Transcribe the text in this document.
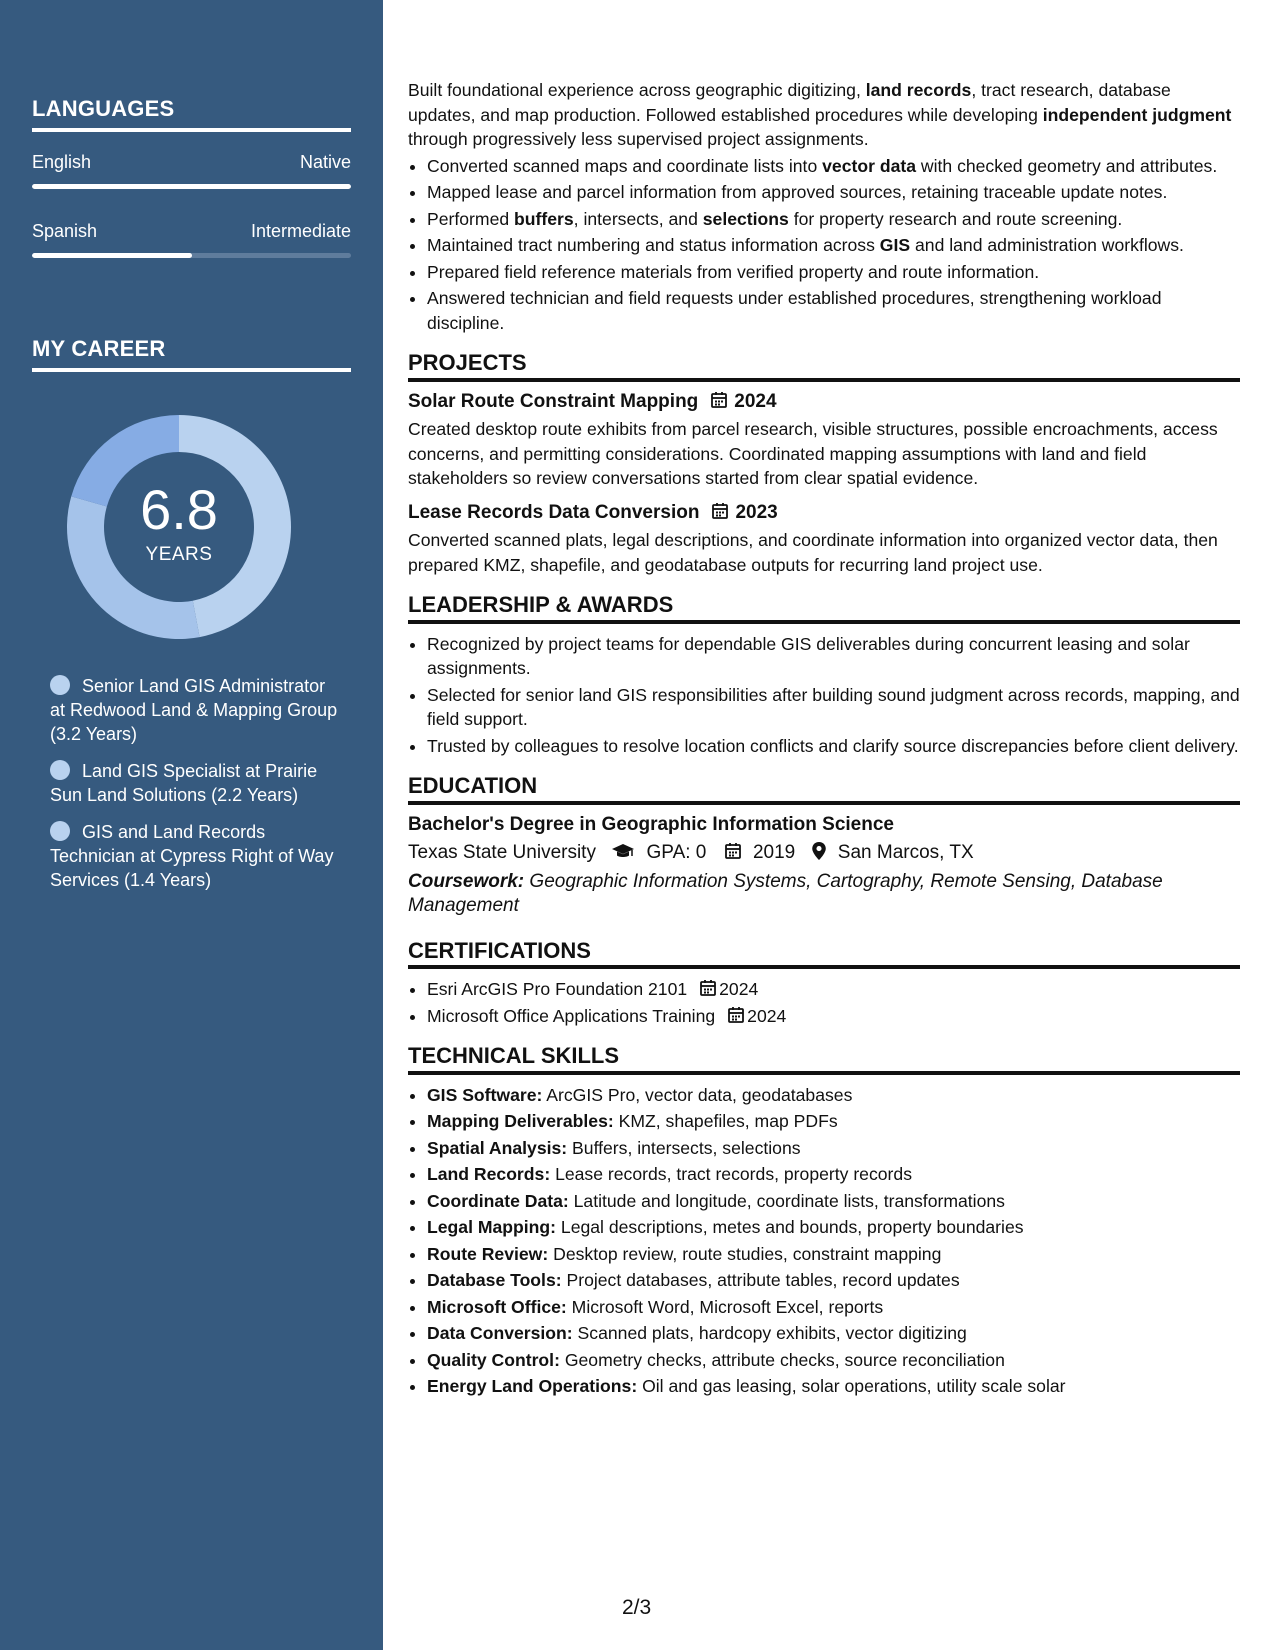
LANGUAGES
English	Native
Spanish	Intermediate
MY CAREER
6.8
YEARS
Senior Land GIS Administrator at Redwood Land & Mapping Group (3.2 Years)
Land GIS Specialist at Prairie Sun Land Solutions (2.2 Years)
GIS and Land Records Technician at Cypress Right of Way Services (1.4 Years)

Built foundational experience across geographic digitizing, land records, tract research, database updates, and map production. Followed established procedures while developing independent judgment through progressively less supervised project assignments.

• Converted scanned maps and coordinate lists into vector data with checked geometry and attributes.
• Mapped lease and parcel information from approved sources, retaining traceable update notes.
• Performed buffers, intersects, and selections for property research and route screening.
• Maintained tract numbering and status information across GIS and land administration workflows.
• Prepared field reference materials from verified property and route information.
• Answered technician and field requests under established procedures, strengthening workload discipline.
PROJECTS
Solar Route Constraint Mapping 2024

Created desktop route exhibits from parcel research, visible structures, possible encroachments, access concerns, and permitting considerations. Coordinated mapping assumptions with land and field stakeholders so review conversations started from clear spatial evidence.

Lease Records Data Conversion 2023

Converted scanned plats, legal descriptions, and coordinate information into organized vector data, then prepared KMZ, shapefile, and geodatabase outputs for recurring land project use.

LEADERSHIP & AWARDS
• Recognized by project teams for dependable GIS deliverables during concurrent leasing and solar assignments.
• Selected for senior land GIS responsibilities after building sound judgment across records, mapping, and field support.
• Trusted by colleagues to resolve location conflicts and clarify source discrepancies before client delivery.
EDUCATION
Bachelor's Degree in Geographic Information Science
Texas State University	GPA: 0 2019 San Marcos, TX

Coursework: Geographic Information Systems, Cartography, Remote Sensing, Database Management

CERTIFICATIONS
• Esri ArcGIS Pro Foundation 2101 2024
• Microsoft Office Applications Training 2024
TECHNICAL SKILLS
• GIS Software: ArcGIS Pro, vector data, geodatabases
• Mapping Deliverables: KMZ, shapefiles, map PDFs
• Spatial Analysis: Buffers, intersects, selections
• Land Records: Lease records, tract records, property records
• Coordinate Data: Latitude and longitude, coordinate lists, transformations
• Legal Mapping: Legal descriptions, metes and bounds, property boundaries
• Route Review: Desktop review, route studies, constraint mapping
• Database Tools: Project databases, attribute tables, record updates
• Microsoft Office: Microsoft Word, Microsoft Excel, reports
• Data Conversion: Scanned plats, hardcopy exhibits, vector digitizing
• Quality Control: Geometry checks, attribute checks, source reconciliation
• Energy Land Operations: Oil and gas leasing, solar operations, utility scale solar
2/3
